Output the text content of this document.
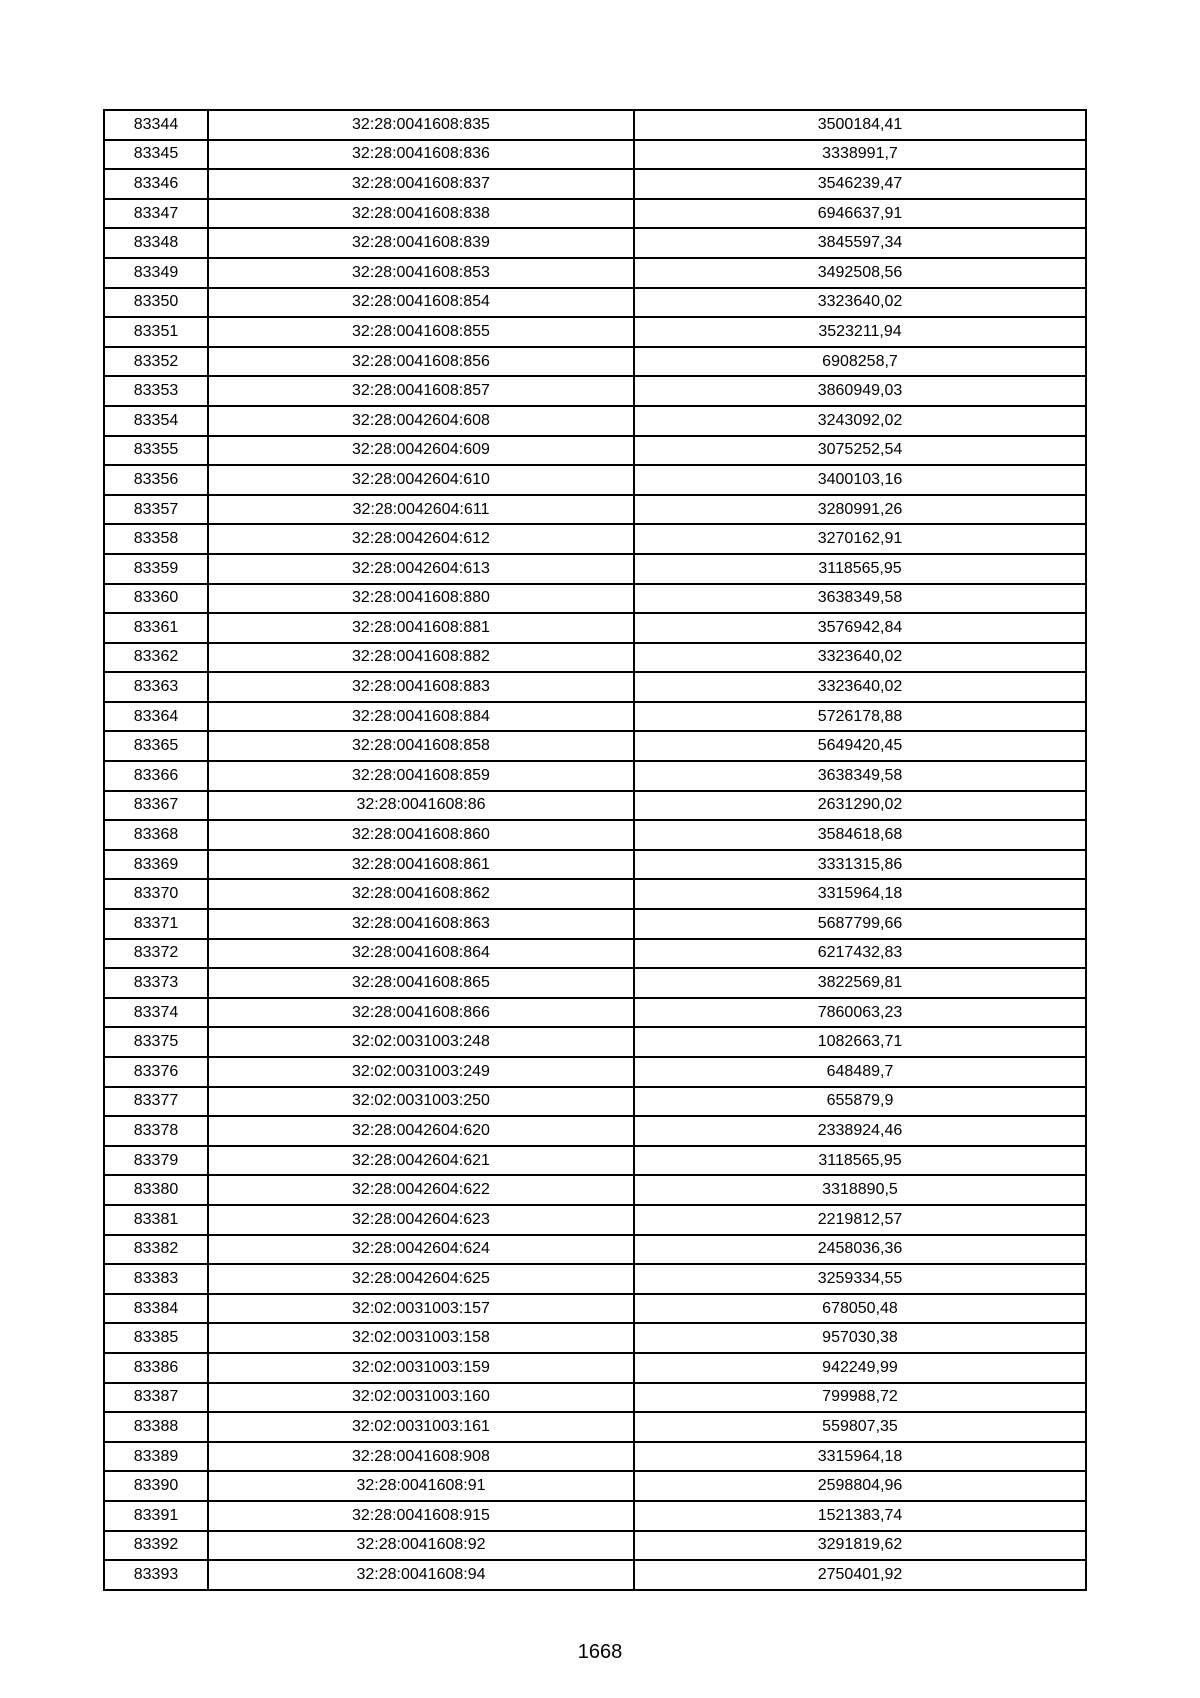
83344	32:28:0041608:835	3500184,41
83345	32:28:0041608:836	3338991,7
83346	32:28:0041608:837	3546239,47
83347	32:28:0041608:838	6946637,91
83348	32:28:0041608:839	3845597,34
83349	32:28:0041608:853	3492508,56
83350	32:28:0041608:854	3323640,02
83351	32:28:0041608:855	3523211,94
83352	32:28:0041608:856	6908258,7
83353	32:28:0041608:857	3860949,03
83354	32:28:0042604:608	3243092,02
83355	32:28:0042604:609	3075252,54
83356	32:28:0042604:610	3400103,16
83357	32:28:0042604:611	3280991,26
83358	32:28:0042604:612	3270162,91
83359	32:28:0042604:613	3118565,95
83360	32:28:0041608:880	3638349,58
83361	32:28:0041608:881	3576942,84
83362	32:28:0041608:882	3323640,02
83363	32:28:0041608:883	3323640,02
83364	32:28:0041608:884	5726178,88
83365	32:28:0041608:858	5649420,45
83366	32:28:0041608:859	3638349,58
83367	32:28:0041608:86	2631290,02
83368	32:28:0041608:860	3584618,68
83369	32:28:0041608:861	3331315,86
83370	32:28:0041608:862	3315964,18
83371	32:28:0041608:863	5687799,66
83372	32:28:0041608:864	6217432,83
83373	32:28:0041608:865	3822569,81
83374	32:28:0041608:866	7860063,23
83375	32:02:0031003:248	1082663,71
83376	32:02:0031003:249	648489,7
83377	32:02:0031003:250	655879,9
83378	32:28:0042604:620	2338924,46
83379	32:28:0042604:621	3118565,95
83380	32:28:0042604:622	3318890,5
83381	32:28:0042604:623	2219812,57
83382	32:28:0042604:624	2458036,36
83383	32:28:0042604:625	3259334,55
83384	32:02:0031003:157	678050,48
83385	32:02:0031003:158	957030,38
83386	32:02:0031003:159	942249,99
83387	32:02:0031003:160	799988,72
83388	32:02:0031003:161	559807,35
83389	32:28:0041608:908	3315964,18
83390	32:28:0041608:91	2598804,96
83391	32:28:0041608:915	1521383,74
83392	32:28:0041608:92	3291819,62
83393	32:28:0041608:94	2750401,92
1668
